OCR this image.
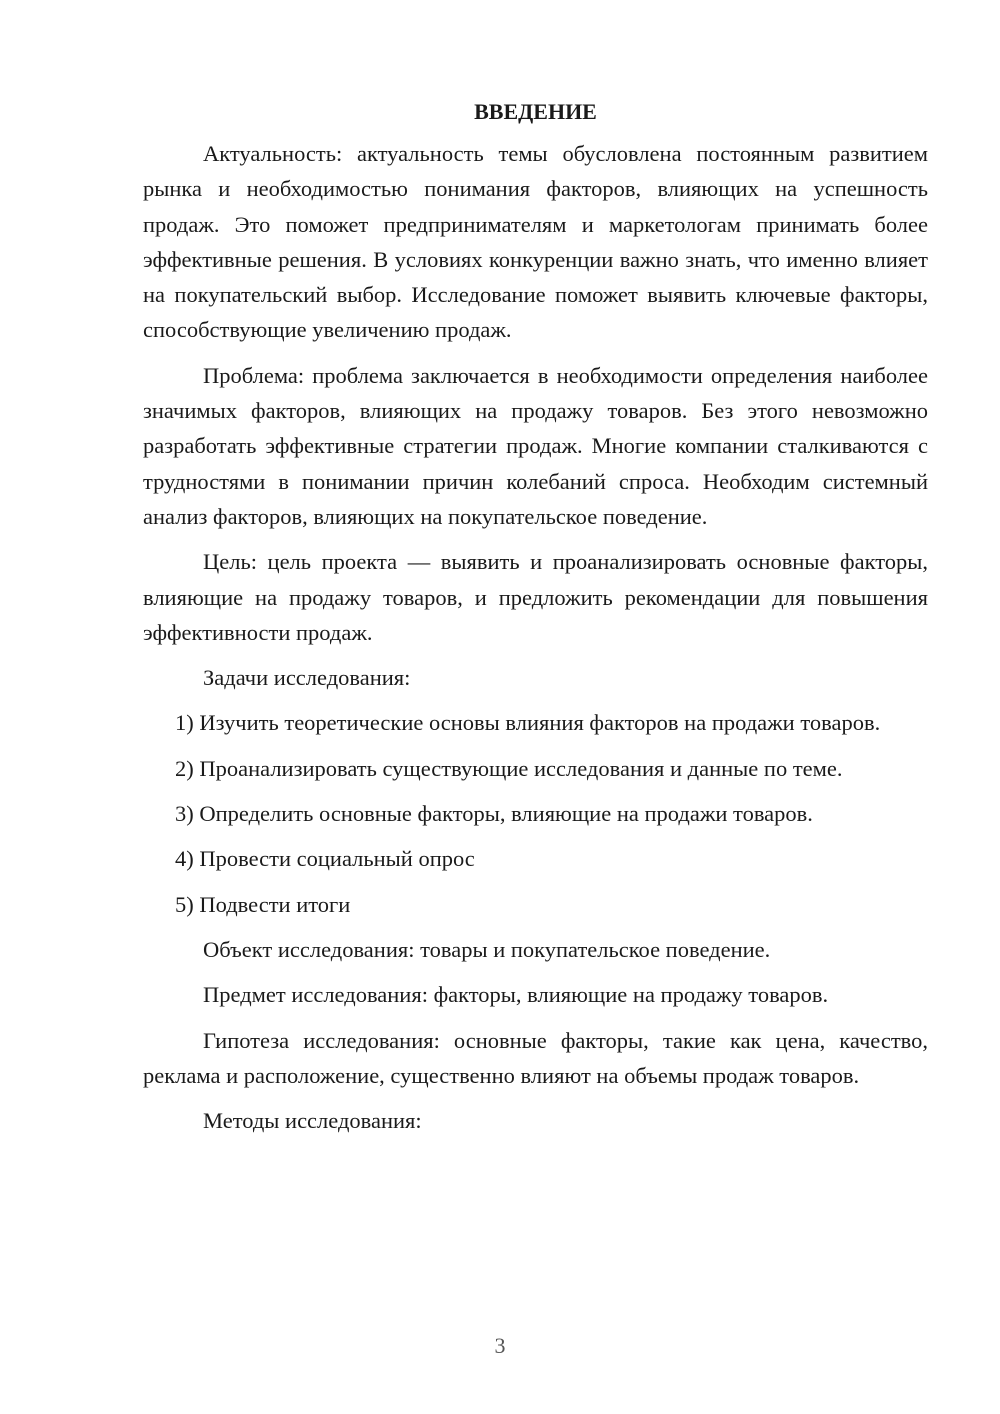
ВВЕДЕНИЕ

Актуальность: актуальность темы обусловлена постоянным развитием рынка и необходимостью понимания факторов, влияющих на успешность продаж. Это поможет предпринимателям и маркетологам принимать более эффективные решения. В условиях конкуренции важно знать, что именно влияет на покупательский выбор. Исследование поможет выявить ключевые факторы, способствующие увеличению продаж.

Проблема: проблема заключается в необходимости определения наиболее значимых факторов, влияющих на продажу товаров. Без этого невозможно разработать эффективные стратегии продаж. Многие компании сталкиваются с трудностями в понимании причин колебаний спроса. Необходим системный анализ факторов, влияющих на покупательское поведение.

Цель: цель проекта — выявить и проанализировать основные факторы, влияющие на продажу товаров, и предложить рекомендации для повышения эффективности продаж.

Задачи исследования:

1) Изучить теоретические основы влияния факторов на продажи товаров.

2) Проанализировать существующие исследования и данные по теме.

3) Определить основные факторы, влияющие на продажи товаров.

4) Провести социальный опрос

5) Подвести итоги

Объект исследования: товары и покупательское поведение.

Предмет исследования: факторы, влияющие на продажу товаров.

Гипотеза исследования: основные факторы, такие как цена, качество, реклама и расположение, существенно влияют на объемы продаж товаров.

Методы исследования:

3
